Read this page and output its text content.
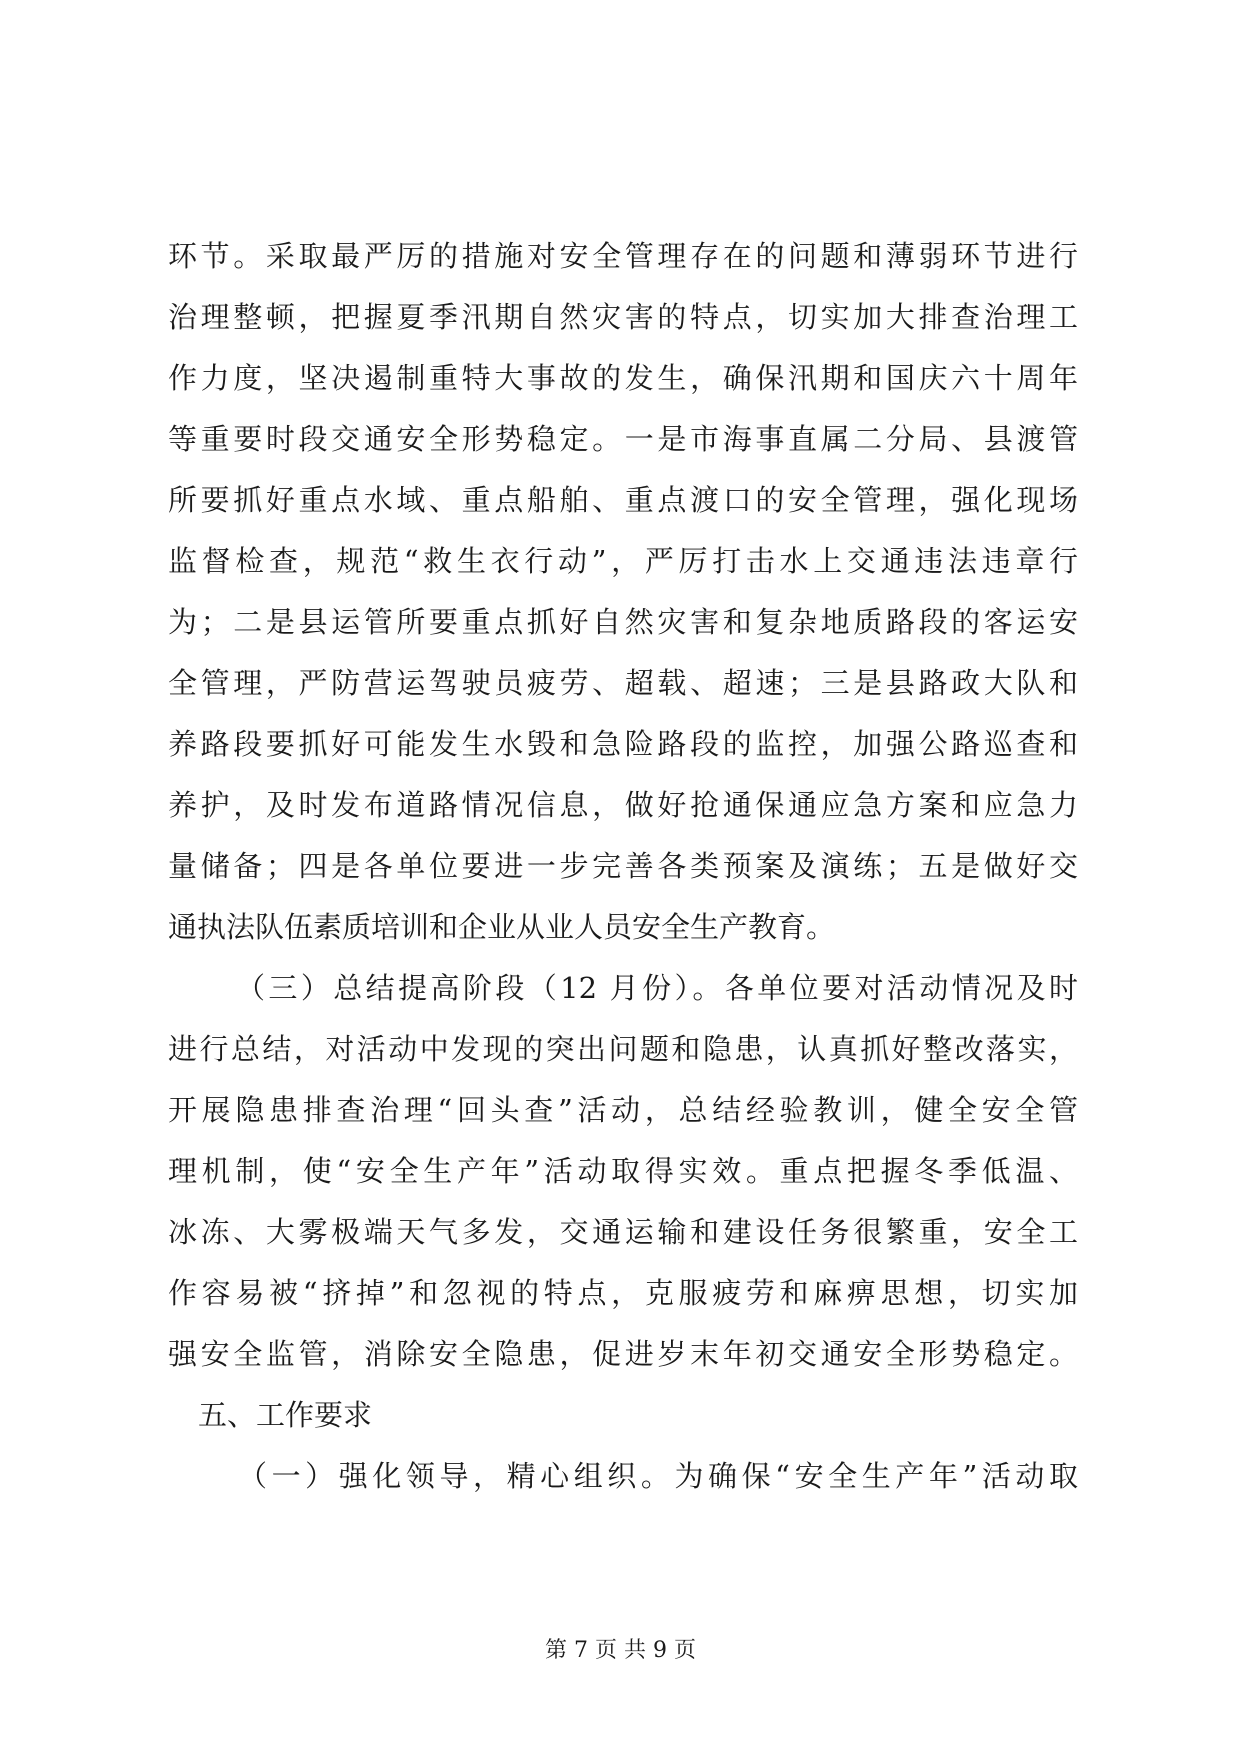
环节。采取最严厉的措施对安全管理存在的问题和薄弱环节进行
治理整顿，把握夏季汛期自然灾害的特点，切实加大排查治理工
作力度，坚决遏制重特大事故的发生，确保汛期和国庆六十周年
等重要时段交通安全形势稳定。一是市海事直属二分局、县渡管
所要抓好重点水域、重点船舶、重点渡口的安全管理，强化现场
监督检查，规范“救生衣行动”，严厉打击水上交通违法违章行
为；二是县运管所要重点抓好自然灾害和复杂地质路段的客运安
全管理，严防营运驾驶员疲劳、超载、超速；三是县路政大队和
养路段要抓好可能发生水毁和急险路段的监控，加强公路巡查和
养护，及时发布道路情况信息，做好抢通保通应急方案和应急力
量储备；四是各单位要进一步完善各类预案及演练；五是做好交
通执法队伍素质培训和企业从业人员安全生产教育。
（三）总结提高阶段（12 月份）。各单位要对活动情况及时
进行总结，对活动中发现的突出问题和隐患，认真抓好整改落实，
开展隐患排查治理“回头查”活动，总结经验教训，健全安全管
理机制，使“安全生产年”活动取得实效。重点把握冬季低温、
冰冻、大雾极端天气多发，交通运输和建设任务很繁重，安全工
作容易被“挤掉”和忽视的特点，克服疲劳和麻痹思想，切实加
强安全监管，消除安全隐患，促进岁末年初交通安全形势稳定。
五、工作要求
（一）强化领导，精心组织。为确保“安全生产年”活动取
第 7 页 共 9 页
